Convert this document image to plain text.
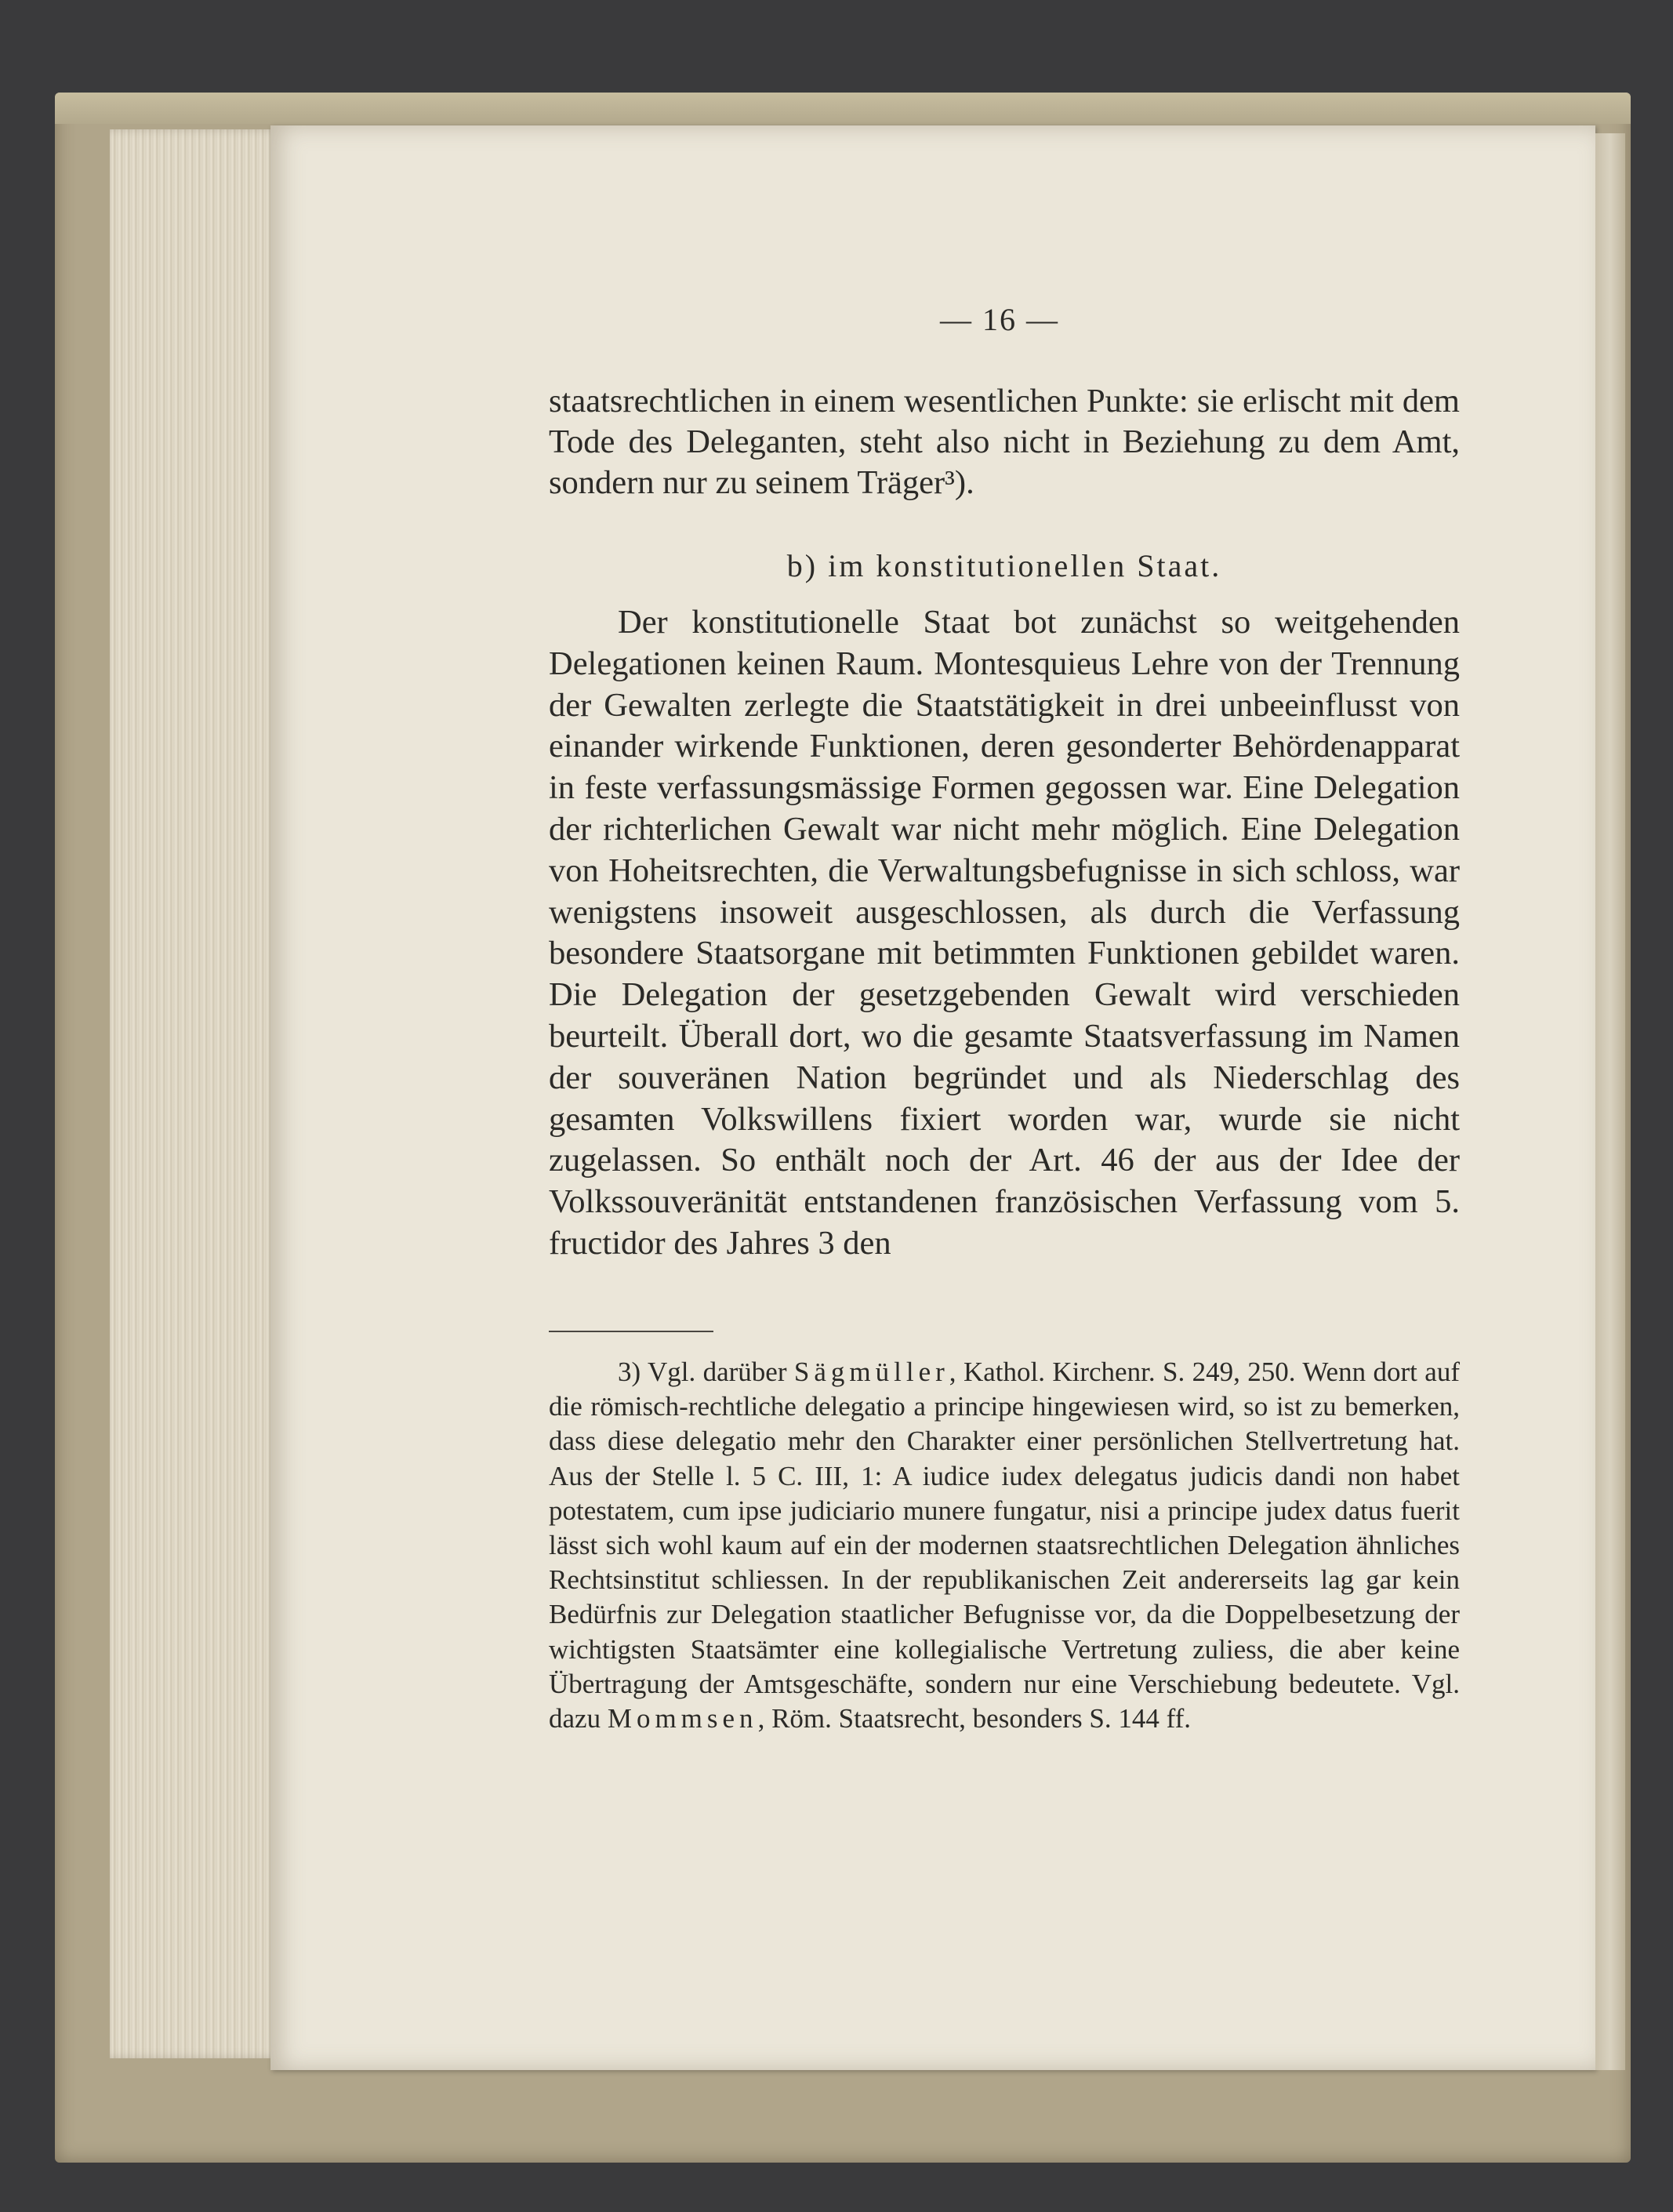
— 16 —

staatsrechtlichen in einem wesentlichen Punkte: sie erlischt mit dem Tode des Deleganten, steht also nicht in Beziehung zu dem Amt, sondern nur zu seinem Träger³).

b) im konstitutionellen Staat.

Der konstitutionelle Staat bot zunächst so weitgehenden Delegationen keinen Raum. Montesquieus Lehre von der Trennung der Gewalten zerlegte die Staatstätigkeit in drei unbeeinflusst von einander wirkende Funktionen, deren gesonderter Behördenapparat in feste verfassungsmässige Formen gegossen war. Eine Delegation der richterlichen Gewalt war nicht mehr möglich. Eine Delegation von Hoheitsrechten, die Verwaltungsbefugnisse in sich schloss, war wenigstens insoweit ausgeschlossen, als durch die Verfassung besondere Staatsorgane mit betimmten Funktionen gebildet waren. Die Delegation der gesetzgebenden Gewalt wird verschieden beurteilt. Überall dort, wo die gesamte Staatsverfassung im Namen der souveränen Nation begründet und als Niederschlag des gesamten Volkswillens fixiert worden war, wurde sie nicht zugelassen. So enthält noch der Art. 46 der aus der Idee der Volkssouveränität entstandenen französischen Verfassung vom 5. fructidor des Jahres 3 den

3) Vgl. darüber Sägmüller, Kathol. Kirchenr. S. 249, 250. Wenn dort auf die römisch-rechtliche delegatio a principe hingewiesen wird, so ist zu bemerken, dass diese delegatio mehr den Charakter einer persönlichen Stellvertretung hat. Aus der Stelle l. 5 C. III, 1: A iudice iudex delegatus judicis dandi non habet potestatem, cum ipse judiciario munere fungatur, nisi a principe judex datus fuerit lässt sich wohl kaum auf ein der modernen staatsrechtlichen Delegation ähnliches Rechtsinstitut schliessen. In der republikanischen Zeit andererseits lag gar kein Bedürfnis zur Delegation staatlicher Befugnisse vor, da die Doppelbesetzung der wichtigsten Staatsämter eine kollegialische Vertretung zuliess, die aber keine Übertragung der Amtsgeschäfte, sondern nur eine Verschiebung bedeutete. Vgl. dazu Mommsen, Röm. Staatsrecht, besonders S. 144 ff.
